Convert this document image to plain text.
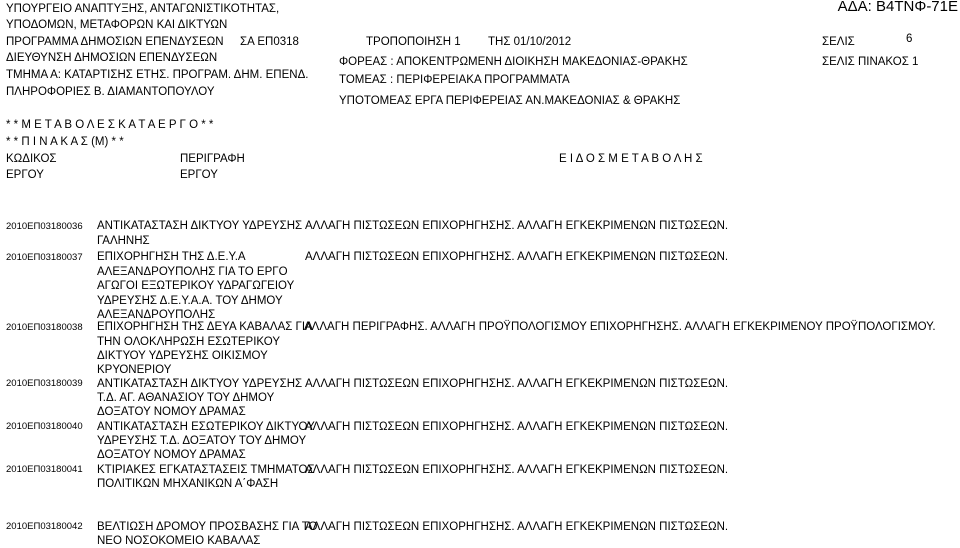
ΥΠΟΥΡΓΕΙΟ ΑΝΑΠΤΥΞΗΣ, ΑΝΤΑΓΩΝΙΣΤΙΚΟΤΗΤΑΣ,
ΥΠΟΔΟΜΩΝ, ΜΕΤΑΦΟΡΩΝ ΚΑΙ ΔΙΚΤΥΩΝ
ΠΡΟΓΡΑΜΜΑ ΔΗΜΟΣΙΩΝ ΕΠΕΝΔΥΣΕΩΝ
ΔΙΕΥΘΥΝΣΗ ΔΗΜΟΣΙΩΝ ΕΠΕΝΔΥΣΕΩΝ
ΤΜΗΜΑ Α: ΚΑΤΑΡΤΙΣΗΣ ΕΤΗΣ. ΠΡΟΓΡΑΜ. ΔΗΜ. ΕΠΕΝΔ.
ΠΛΗΡΟΦΟΡΙΕΣ Β. ΔΙΑΜΑΝΤΟΠΟΥΛΟΥ
ΣΑ ΕΠ0318	ΤΡΟΠΟΠΟΙΗΣΗ 1 ΤΗΣ 01/10/2012
ΦΟΡΕΑΣ : ΑΠΟΚΕΝΤΡΩΜΕΝΗ ΔΙΟΙΚΗΣΗ ΜΑΚΕΔΟΝΙΑΣ-ΘΡΑΚΗΣ
ΤΟΜΕΑΣ : ΠΕΡΙΦΕΡΕΙΑΚΑ ΠΡΟΓΡΑΜΜΑΤΑ
ΥΠΟΤΟΜΕΑΣ ΕΡΓΑ ΠΕΡΙΦΕΡΕΙΑΣ ΑΝ.ΜΑΚΕΔΟΝΙΑΣ & ΘΡΑΚΗΣ
ΑΔΑ: Β4ΤΝΦ-71Ε
ΣΕΛΙΣ	6
ΣΕΛΙΣ ΠΙΝΑΚΟΣ 1
* * Μ Ε Τ Α Β Ο Λ Ε Σ Κ Α Τ Α Ε Ρ Γ Ο * *
* * Π Ι Ν Α Κ Α Σ (Μ) * *
ΚΩΔΙΚΟΣ
ΕΡΓΟΥ
ΠΕΡΙΓΡΑΦΗ
ΕΡΓΟΥ
Ε Ι Δ Ο Σ Μ Ε Τ Α Β Ο Λ Η Σ
2010ΕΠ03180036 ΑΝΤΙΚΑΤΑΣΤΑΣΗ ΔΙΚΤΥΟΥ ΥΔΡΕΥΣΗΣ
ΓΑΛΗΝΗΣ
ΑΛΛΑΓΗ ΠΙΣΤΩΣΕΩΝ ΕΠΙΧΟΡΗΓΗΣΗΣ. ΑΛΛΑΓΗ ΕΓΚΕΚΡΙΜΕΝΩΝ ΠΙΣΤΩΣΕΩΝ.
2010ΕΠ03180037 ΕΠΙΧΟΡΗΓΗΣΗ ΤΗΣ Δ.Ε.Υ.Α
ΑΛΕΞΑΝΔΡΟΥΠΟΛΗΣ ΓΙΑ ΤΟ ΕΡΓΟ
ΑΓΩΓΟΙ ΕΞΩΤΕΡΙΚΟΥ ΥΔΡΑΓΩΓΕΙΟΥ
ΥΔΡΕΥΣΗΣ Δ.Ε.Υ.Α.Α. ΤΟΥ ΔΗΜΟΥ
ΑΛΕΞΑΝΔΡΟΥΠΟΛΗΣ
ΑΛΛΑΓΗ ΠΙΣΤΩΣΕΩΝ ΕΠΙΧΟΡΗΓΗΣΗΣ. ΑΛΛΑΓΗ ΕΓΚΕΚΡΙΜΕΝΩΝ ΠΙΣΤΩΣΕΩΝ.
2010ΕΠ03180038 ΕΠΙΧΟΡΗΓΗΣΗ ΤΗΣ ΔΕΥΑ ΚΑΒΑΛΑΣ ΓΙΑ
ΤΗΝ ΟΛΟΚΛΗΡΩΣΗ ΕΣΩΤΕΡΙΚΟΥ
ΔΙΚΤΥΟΥ ΥΔΡΕΥΣΗΣ ΟΙΚΙΣΜΟΥ
ΚΡΥΟΝΕΡΙΟΥ
ΑΛΛΑΓΗ ΠΕΡΙΓΡΑΦΗΣ. ΑΛΛΑΓΗ ΠΡΟΫΠΟΛΟΓΙΣΜΟΥ ΕΠΙΧΟΡΗΓΗΣΗΣ. ΑΛΛΑΓΗ ΕΓΚΕΚΡΙΜΕΝΟΥ ΠΡΟΫΠΟΛΟΓΙΣΜΟΥ.
2010ΕΠ03180039 ΑΝΤΙΚΑΤΑΣΤΑΣΗ ΔΙΚΤΥΟΥ ΥΔΡΕΥΣΗΣ
Τ.Δ. ΑΓ. ΑΘΑΝΑΣΙΟΥ ΤΟΥ ΔΗΜΟΥ
ΔΟΞΑΤΟΥ ΝΟΜΟΥ ΔΡΑΜΑΣ
ΑΛΛΑΓΗ ΠΙΣΤΩΣΕΩΝ ΕΠΙΧΟΡΗΓΗΣΗΣ. ΑΛΛΑΓΗ ΕΓΚΕΚΡΙΜΕΝΩΝ ΠΙΣΤΩΣΕΩΝ.
2010ΕΠ03180040 ΑΝΤΙΚΑΤΑΣΤΑΣΗ ΕΣΩΤΕΡΙΚΟΥ ΔΙΚΤΥΟΥ
ΥΔΡΕΥΣΗΣ Τ.Δ. ΔΟΞΑΤΟΥ ΤΟΥ ΔΗΜΟΥ
ΔΟΞΑΤΟΥ ΝΟΜΟΥ ΔΡΑΜΑΣ
ΑΛΛΑΓΗ ΠΙΣΤΩΣΕΩΝ ΕΠΙΧΟΡΗΓΗΣΗΣ. ΑΛΛΑΓΗ ΕΓΚΕΚΡΙΜΕΝΩΝ ΠΙΣΤΩΣΕΩΝ.
2010ΕΠ03180041 ΚΤΙΡΙΑΚΕΣ ΕΓΚΑΤΑΣΤΑΣΕΙΣ ΤΜΗΜΑΤΟΣ
ΠΟΛΙΤΙΚΩΝ ΜΗΧΑΝΙΚΩΝ Α΄ΦΑΣΗ
ΑΛΛΑΓΗ ΠΙΣΤΩΣΕΩΝ ΕΠΙΧΟΡΗΓΗΣΗΣ. ΑΛΛΑΓΗ ΕΓΚΕΚΡΙΜΕΝΩΝ ΠΙΣΤΩΣΕΩΝ.
2010ΕΠ03180042 ΒΕΛΤΙΩΣΗ ΔΡΟΜΟΥ ΠΡΟΣΒΑΣΗΣ ΓΙΑ ΤΟ
ΝΕΟ ΝΟΣΟΚΟΜΕΙΟ ΚΑΒΑΛΑΣ
ΑΛΛΑΓΗ ΠΙΣΤΩΣΕΩΝ ΕΠΙΧΟΡΗΓΗΣΗΣ. ΑΛΛΑΓΗ ΕΓΚΕΚΡΙΜΕΝΩΝ ΠΙΣΤΩΣΕΩΝ.
